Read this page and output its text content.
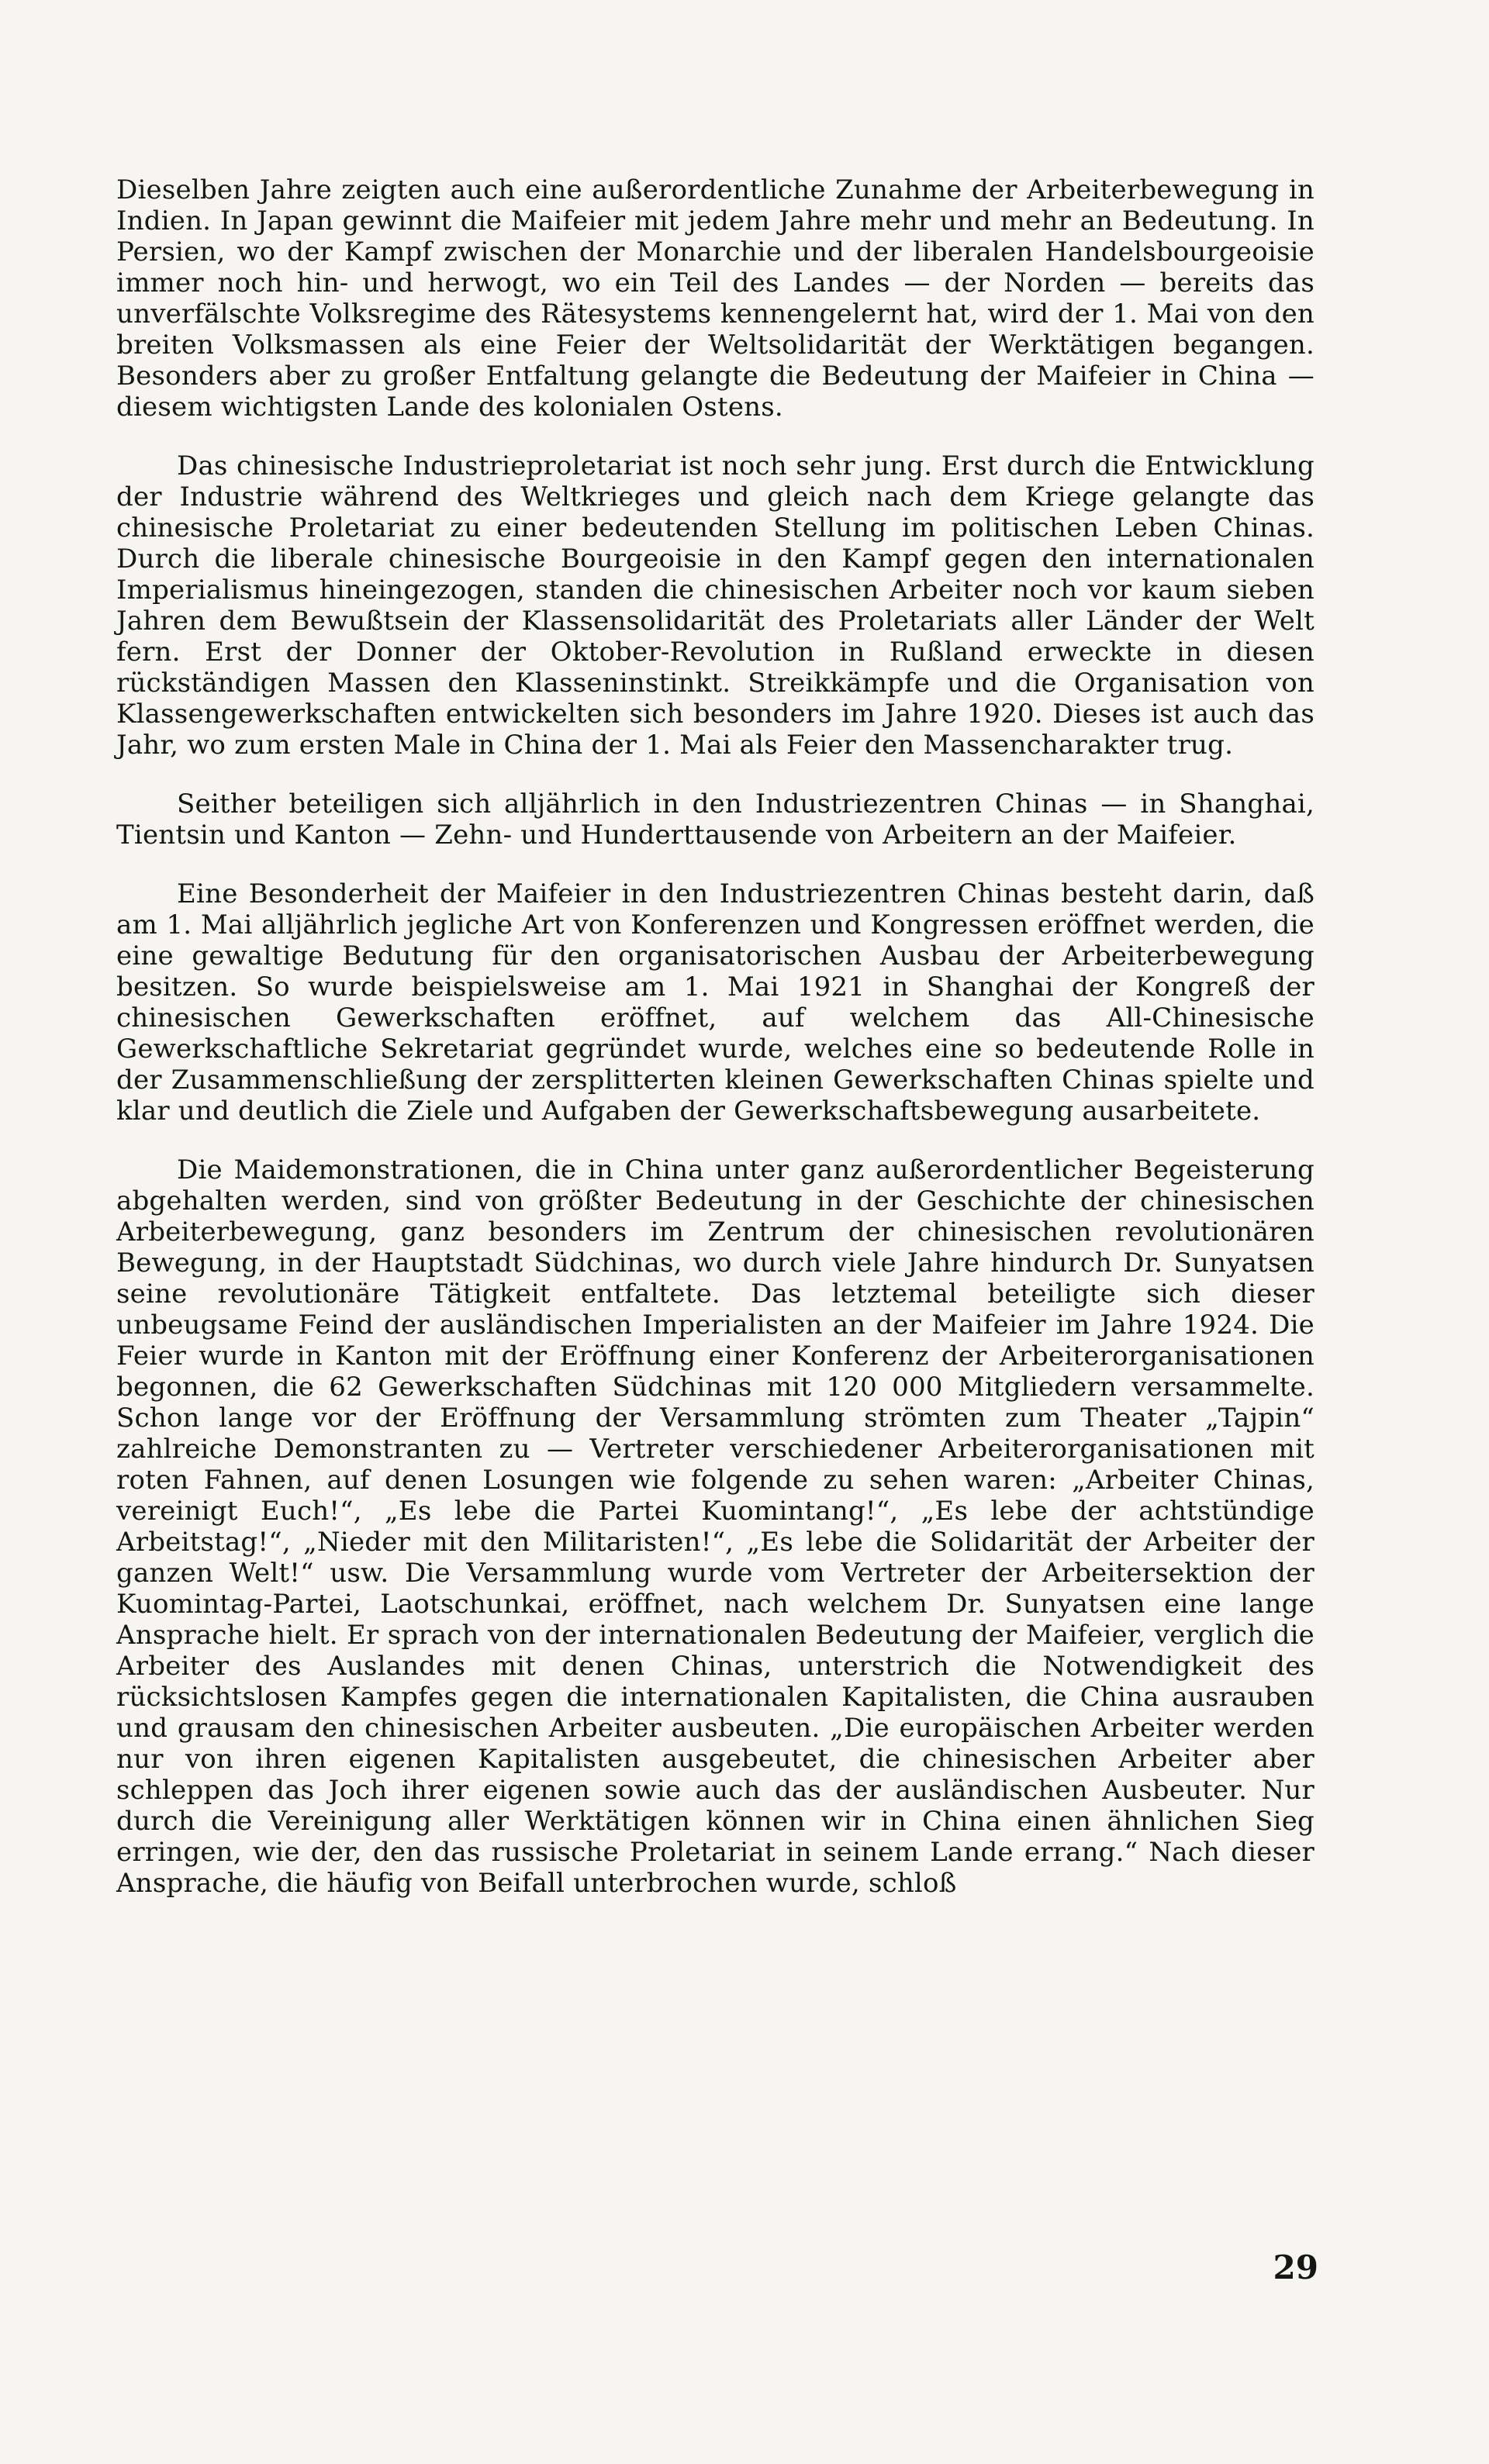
Dieselben Jahre zeigten auch eine außerordentliche Zunahme der Arbeiterbewegung in Indien. In Japan gewinnt die Maifeier mit jedem Jahre mehr und mehr an Bedeutung. In Persien, wo der Kampf zwischen der Monarchie und der liberalen Handelsbourgeoisie immer noch hin- und herwogt, wo ein Teil des Landes — der Norden — bereits das unverfälschte Volksregime des Rätesystems kennengelernt hat, wird der 1. Mai von den breiten Volksmassen als eine Feier der Weltsolidarität der Werktätigen begangen. Besonders aber zu großer Entfaltung gelangte die Bedeutung der Maifeier in China — diesem wichtigsten Lande des kolonialen Ostens.

Das chinesische Industrieproletariat ist noch sehr jung. Erst durch die Entwicklung der Industrie während des Weltkrieges und gleich nach dem Kriege gelangte das chinesische Proletariat zu einer bedeutenden Stellung im politischen Leben Chinas. Durch die liberale chinesische Bourgeoisie in den Kampf gegen den internationalen Imperialismus hineingezogen, standen die chinesischen Arbeiter noch vor kaum sieben Jahren dem Bewußtsein der Klassensolidarität des Proletariats aller Länder der Welt fern. Erst der Donner der Oktober-Revolution in Rußland erweckte in diesen rückständigen Massen den Klasseninstinkt. Streikkämpfe und die Organisation von Klassengewerkschaften entwickelten sich besonders im Jahre 1920. Dieses ist auch das Jahr, wo zum ersten Male in China der 1. Mai als Feier den Massencharakter trug.

Seither beteiligen sich alljährlich in den Industriezentren Chinas — in Shanghai, Tientsin und Kanton — Zehn- und Hunderttausende von Arbeitern an der Maifeier.

Eine Besonderheit der Maifeier in den Industriezentren Chinas besteht darin, daß am 1. Mai alljährlich jegliche Art von Konferenzen und Kongressen eröffnet werden, die eine gewaltige Bedutung für den organisatorischen Ausbau der Arbeiterbewegung besitzen. So wurde beispielsweise am 1. Mai 1921 in Shanghai der Kongreß der chinesischen Gewerkschaften eröffnet, auf welchem das All-Chinesische Gewerkschaftliche Sekretariat gegründet wurde, welches eine so bedeutende Rolle in der Zusammenschließung der zersplitterten kleinen Gewerkschaften Chinas spielte und klar und deutlich die Ziele und Aufgaben der Gewerkschaftsbewegung ausarbeitete.

Die Maidemonstrationen, die in China unter ganz außerordentlicher Begeisterung abgehalten werden, sind von größter Bedeutung in der Geschichte der chinesischen Arbeiterbewegung, ganz besonders im Zentrum der chinesischen revolutionären Bewegung, in der Hauptstadt Südchinas, wo durch viele Jahre hindurch Dr. Sunyatsen seine revolutionäre Tätigkeit entfaltete. Das letztemal beteiligte sich dieser unbeugsame Feind der ausländischen Imperialisten an der Maifeier im Jahre 1924. Die Feier wurde in Kanton mit der Eröffnung einer Konferenz der Arbeiterorganisationen begonnen, die 62 Gewerkschaften Südchinas mit 120 000 Mitgliedern versammelte. Schon lange vor der Eröffnung der Versammlung strömten zum Theater „Tajpin“ zahlreiche Demonstranten zu — Vertreter verschiedener Arbeiterorganisationen mit roten Fahnen, auf denen Losungen wie folgende zu sehen waren: „Arbeiter Chinas, vereinigt Euch!“, „Es lebe die Partei Kuomintang!“, „Es lebe der achtstündige Arbeitstag!“, „Nieder mit den Militaristen!“, „Es lebe die Solidarität der Arbeiter der ganzen Welt!“ usw. Die Versammlung wurde vom Vertreter der Arbeitersektion der Kuomintag-Partei, Laotschunkai, eröffnet, nach welchem Dr. Sunyatsen eine lange Ansprache hielt. Er sprach von der internationalen Bedeutung der Maifeier, verglich die Arbeiter des Auslandes mit denen Chinas, unterstrich die Notwendigkeit des rücksichtslosen Kampfes gegen die internationalen Kapitalisten, die China ausrauben und grausam den chinesischen Arbeiter ausbeuten. „Die europäischen Arbeiter werden nur von ihren eigenen Kapitalisten ausgebeutet, die chinesischen Arbeiter aber schleppen das Joch ihrer eigenen sowie auch das der ausländischen Ausbeuter. Nur durch die Vereinigung aller Werktätigen können wir in China einen ähnlichen Sieg erringen, wie der, den das russische Proletariat in seinem Lande errang.“ Nach dieser Ansprache, die häufig von Beifall unterbrochen wurde, schloß

29
